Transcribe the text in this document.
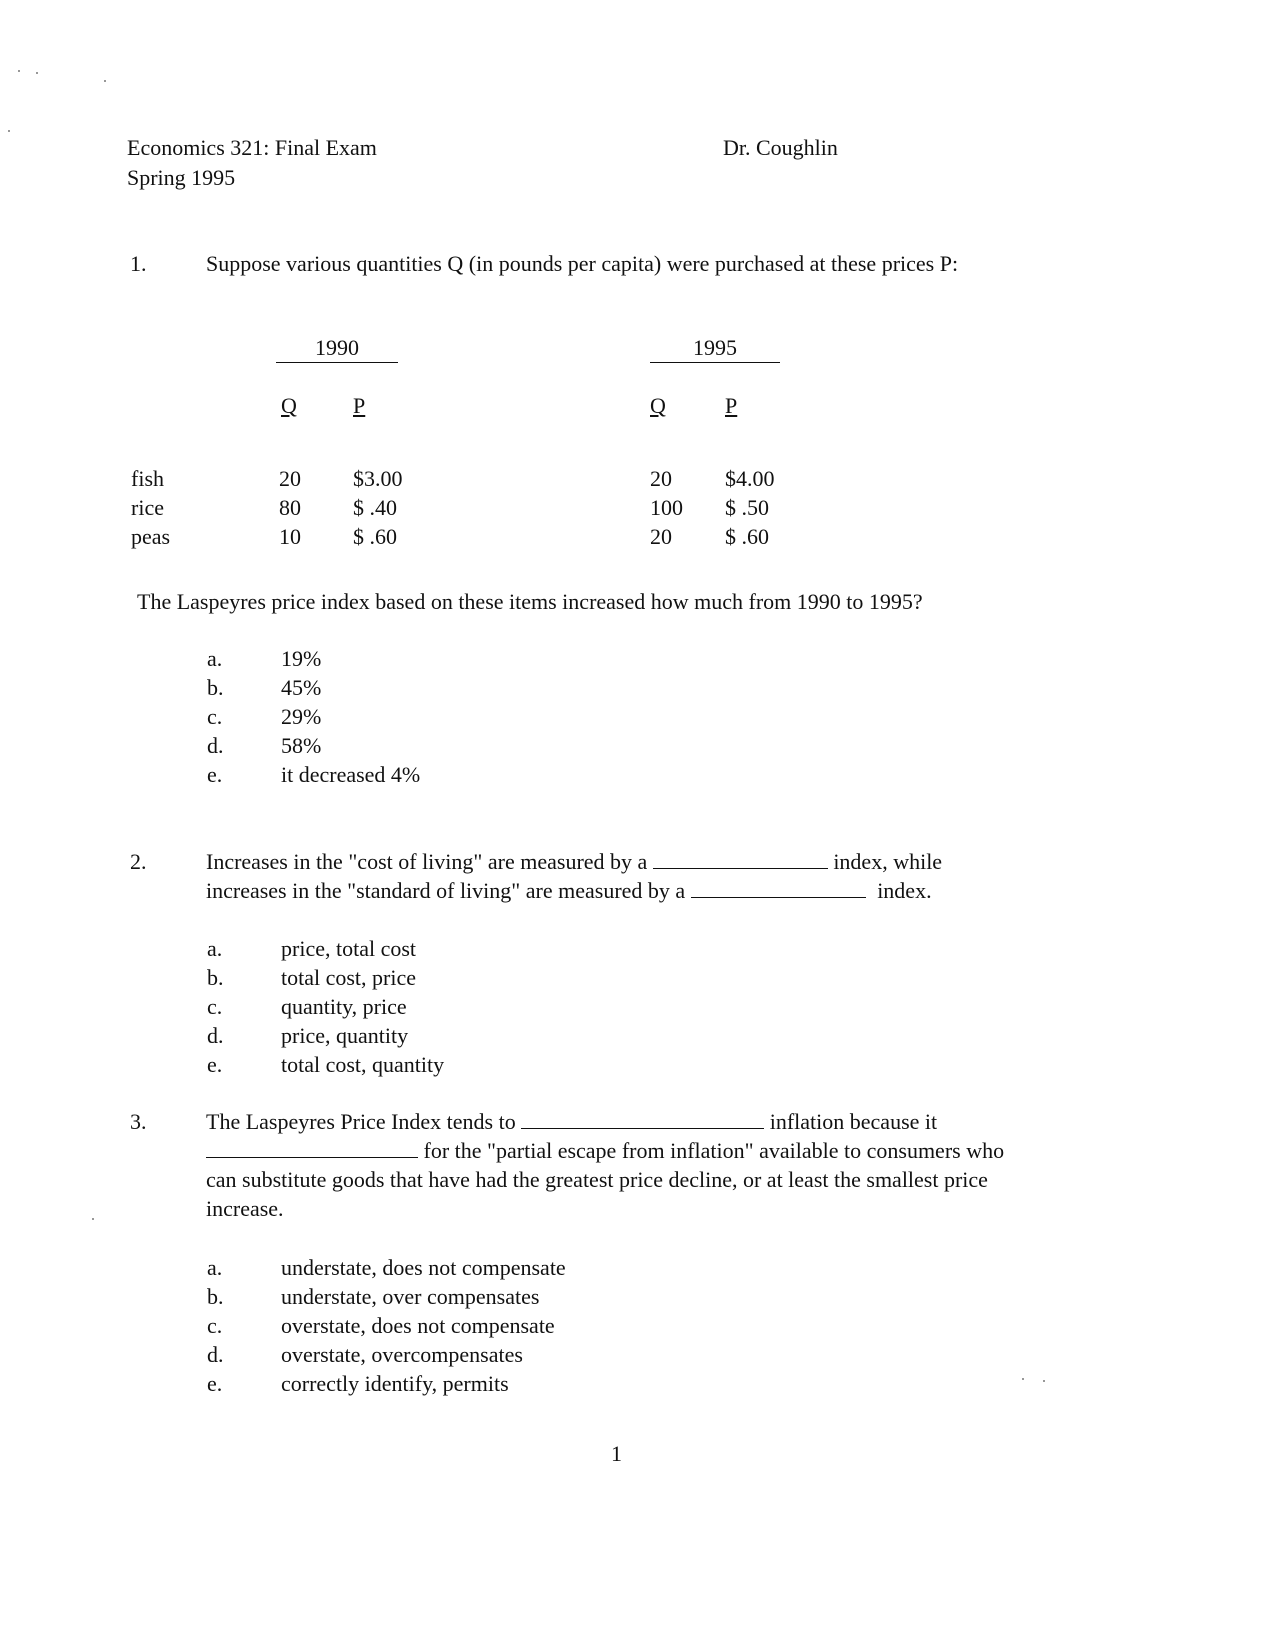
Economics 321: Final Exam
Spring 1995
Dr. Coughlin
1.	Suppose various quantities Q (in pounds per capita) were purchased at these prices P:
1990	1995
Q	P	Q	P
fish	20 $3.00	20 $4.00
rice	80 $ .40	100 $ .50
peas	10 $ .60	20 $ .60
The Laspeyres price index based on these items increased how much from 1990 to 1995?
a.	19%
b.	45%
c.	29%
d.	58%
e.	it decreased 4%
2.	Increases in the "cost of living" are measured by a	index, while
increases in the "standard of living" are measured by a	index.
a.	price, total cost
b.	total cost, price
c.	quantity, price
d.	price, quantity
e.	total cost, quantity
3.	The Laspeyres Price Index tends to	inflation because it
for the "partial escape from inflation" available to consumers who
can substitute goods that have had the greatest price decline, or at least the smallest price
increase.
a.	understate, does not compensate
b.	understate, over compensates
c.	overstate, does not compensate
d.	overstate, overcompensates
e.	correctly identify, permits
1
